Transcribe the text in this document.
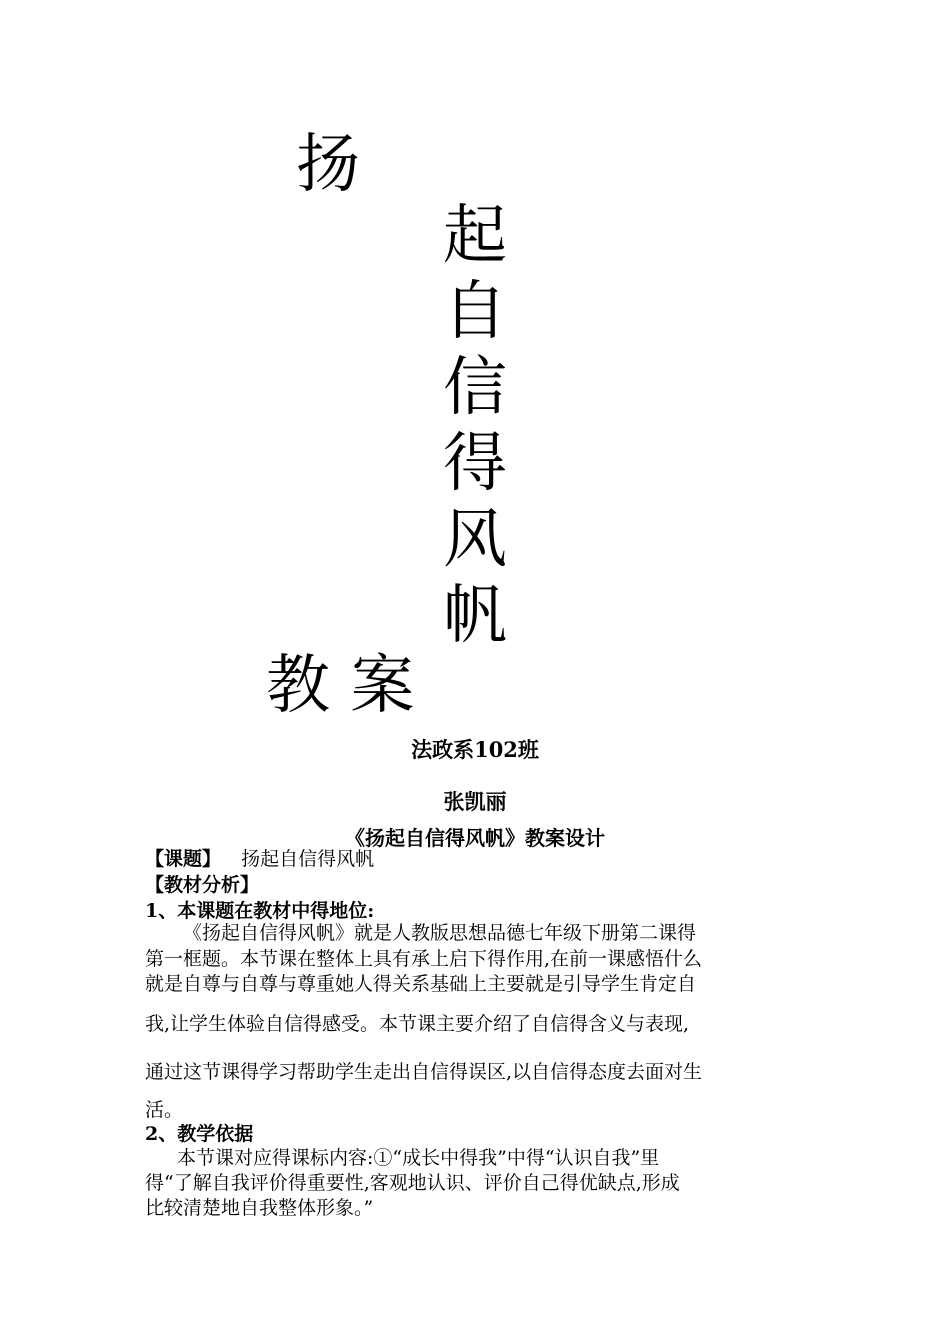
扬
起
自
信
得
风
帆
教 案
法政系102班
张凯丽
《扬起自信得风帆》教案设计
【课题】 扬起自信得风帆
【教材分析】
1、本课题在教材中得地位:
《扬起自信得风帆》就是人教版思想品德七年级下册第二课得
第一框题。本节课在整体上具有承上启下得作用,在前一课感悟什么
就是自尊与自尊与尊重她人得关系基础上主要就是引导学生肯定自
我,让学生体验自信得感受。本节课主要介绍了自信得含义与表现,
通过这节课得学习帮助学生走出自信得误区,以自信得态度去面对生
活。
2、教学依据
本节课对应得课标内容:①“成长中得我”中得“认识自我”里
得“了解自我评价得重要性,客观地认识、评价自己得优缺点,形成
比较清楚地自我整体形象。”
